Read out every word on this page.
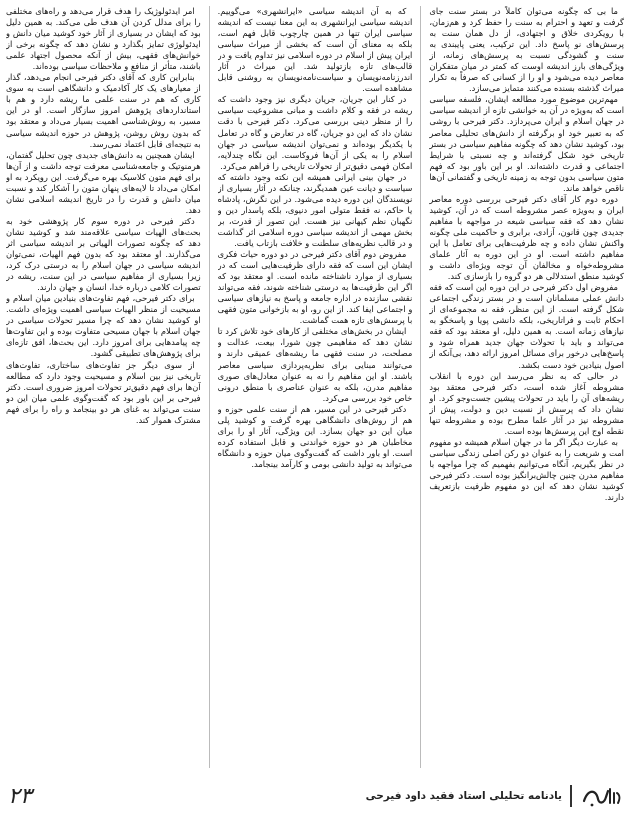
ما بی که چگونه می‌توان کاملاً در بستر سنت جای گرفت و تعهد و احترام به سنت را حفظ کرد و هم‌زمان، با رویکردی خلاق و اجتهادی، از دل همان سنت به پرسش‌های نو پاسخ داد. این ترکیب، یعنی پایبندی به سنت و گشودگی نسبت به پرسش‌های زمانه، از ویژگی‌های بارز اندیشه اوست که کمتر در میان متفکران معاصر دیده می‌شود و او را از کسانی که صرفاً به تکرار میراث گذشته بسنده می‌کنند متمایز می‌سازد.

مهم‌ترین موضوع مورد مطالعه ایشان، فلسفه سیاسی است که به‌ویژه در آن به خوانشی تازه از اندیشه سیاسی در جهان اسلام و ایران می‌پردازد. دکتر فیرحی با روشی که به تعبیر خود او برگرفته از دانش‌های تحلیلی معاصر بود، کوشید نشان دهد که چگونه مفاهیم سیاسی در بستر تاریخی خود شکل گرفته‌اند و چه نسبتی با شرایط اجتماعی و قدرت داشته‌اند. او بر این باور بود که فهم متون سیاسی بدون توجه به زمینه تاریخی و گفتمانی آن‌ها ناقص خواهد ماند.

دوره دوم کار آقای دکتر فیرحی بررسی دوره معاصر ایران و به‌ویژه عصر مشروطه است که در آن، کوشید نشان دهد که فقه سیاسی شیعه در مواجهه با مفاهیم جدیدی چون قانون، آزادی، برابری و حاکمیت ملی چگونه واکنش نشان داده و چه ظرفیت‌هایی برای تعامل با این مفاهیم داشته است. او در این دوره به آثار علمای مشروطه‌خواه و مخالفان آن توجه ویژه‌ای داشت و کوشید منطق استدلالی هر دو گروه را بازسازی کند.

مفروض اول دکتر فیرحی در این دوره این است که فقه دانش عملی مسلمانان است و در بستر زندگی اجتماعی شکل گرفته است. از این منظر، فقه نه مجموعه‌ای از احکام ثابت و فراتاریخی، بلکه دانشی پویا و پاسخگو به نیازهای زمانه است. به همین دلیل، او معتقد بود که فقه می‌تواند و باید با تحولات جهان جدید همراه شود و پاسخ‌هایی درخور برای مسائل امروز ارائه دهد، بی‌آنکه از اصول بنیادین خود دست بکشد.

در حالی که به نظر می‌رسد این دوره با انقلاب مشروطه آغاز شده است، دکتر فیرحی معتقد بود ریشه‌های آن را باید در تحولات پیشین جست‌وجو کرد. او نشان داد که پرسش از نسبت دین و دولت، پیش از مشروطه نیز در آثار علما مطرح بوده و مشروطه تنها نقطه اوج این پرسش‌ها بوده است.

به عبارت دیگر اگر ما در جهان اسلام همیشه دو مفهوم امت و شریعت را به عنوان دو رکن اصلی زندگی سیاسی در نظر بگیریم، آنگاه می‌توانیم بفهمیم که چرا مواجهه با مفاهیم مدرن چنین چالش‌برانگیز بوده است. دکتر فیرحی کوشید نشان دهد که این دو مفهوم ظرفیت بازتعریف دارند.

که به آن اندیشه سیاسی «ایرانشهری» می‌گوییم. اندیشه سیاسی ایرانشهری به این معنا نیست که اندیشه سیاسی ایران تنها در همین چارچوب قابل فهم است، بلکه به معنای آن است که بخشی از میراث سیاسی ایران پیش از اسلام در دوره اسلامی نیز تداوم یافت و در قالب‌های تازه بازتولید شد. این میراث در آثار اندرزنامه‌نویسان و سیاست‌نامه‌نویسان به روشنی قابل مشاهده است.

در کنار این جریان، جریان دیگری نیز وجود داشت که ریشه در فقه و کلام داشت و مبانی مشروعیت سیاسی را از منظر دینی بررسی می‌کرد. دکتر فیرحی با دقت نشان داد که این دو جریان، گاه در تعارض و گاه در تعامل با یکدیگر بوده‌اند و نمی‌توان اندیشه سیاسی در جهان اسلام را به یکی از آن‌ها فروکاست. این نگاه چندلایه، امکان فهمی دقیق‌تر از تحولات تاریخی را فراهم می‌کرد.

در جهان بینی ایرانی همیشه این نکته وجود داشته که سیاست و دیانت عین همدیگرند، چنانکه در آثار بسیاری از نویسندگان این دوره دیده می‌شود. در این نگرش، پادشاه یا حاکم، نه فقط متولی امور دنیوی، بلکه پاسدار دین و نگهبان نظم کیهانی نیز هست. این تصور از قدرت، بر بخش مهمی از اندیشه سیاسی دوره اسلامی اثر گذاشت و در قالب نظریه‌های سلطنت و خلافت بازتاب یافت.

مفروض دوم آقای دکتر فیرحی در دو دوره حیات فکری ایشان این است که فقه دارای ظرفیت‌هایی است که در بسیاری از موارد ناشناخته مانده است. او معتقد بود که اگر این ظرفیت‌ها به درستی شناخته شوند، فقه می‌تواند نقشی سازنده در اداره جامعه و پاسخ به نیازهای سیاسی و اجتماعی ایفا کند. از این رو، او به بازخوانی متون فقهی با پرسش‌های تازه همت گماشت.

ایشان در بخش‌های مختلفی از کارهای خود تلاش کرد تا نشان دهد که مفاهیمی چون شورا، بیعت، عدالت و مصلحت، در سنت فقهی ما ریشه‌های عمیقی دارند و می‌توانند مبنایی برای نظریه‌پردازی سیاسی معاصر باشند. او این مفاهیم را نه به عنوان معادل‌های صوری مفاهیم مدرن، بلکه به عنوان عناصری با منطق درونی خاص خود بررسی می‌کرد.

دکتر فیرحی در این مسیر، هم از سنت علمی حوزه و هم از روش‌های دانشگاهی بهره گرفت و کوشید پلی میان این دو جهان بسازد. این ویژگی، آثار او را برای مخاطبان هر دو حوزه خواندنی و قابل استفاده کرده است. او باور داشت که گفت‌وگوی میان حوزه و دانشگاه می‌تواند به تولید دانشی بومی و کارآمد بینجامد.

امر ایدئولوژیک را هدف قرار می‌دهد و راه‌های مختلفی را برای مدلل کردن آن هدف طی می‌کند. به همین دلیل بود که ایشان در بسیاری از آثار خود کوشید میان دانش و ایدئولوژی تمایز بگذارد و نشان دهد که چگونه برخی از خوانش‌های فقهی، بیش از آنکه محصول اجتهاد علمی باشند، متأثر از منافع و ملاحظات سیاسی بوده‌اند.

بنابراین کاری که آقای دکتر فیرحی انجام می‌دهد، گذار از معیارهای یک کار آکادمیک و دانشگاهی است به سوی کاری که هم در سنت علمی ما ریشه دارد و هم با استانداردهای پژوهش امروز سازگار است. او در این مسیر، به روش‌شناسی اهمیت بسیار می‌داد و معتقد بود که بدون روش روشن، پژوهش در حوزه اندیشه سیاسی به نتیجه‌ای قابل اعتماد نمی‌رسد.

ایشان همچنین به دانش‌های جدیدی چون تحلیل گفتمان، هرمنوتیک و جامعه‌شناسی معرفت توجه داشت و از آن‌ها برای فهم متون کلاسیک بهره می‌گرفت. این رویکرد به او امکان می‌داد تا لایه‌های پنهان متون را آشکار کند و نسبت میان دانش و قدرت را در تاریخ اندیشه اسلامی نشان دهد.

دکتر فیرحی در دوره سوم کار پژوهشی خود به بحث‌های الهیات سیاسی علاقه‌مند شد و کوشید نشان دهد که چگونه تصورات الهیاتی بر اندیشه سیاسی اثر می‌گذارند. او معتقد بود که بدون فهم الهیات، نمی‌توان اندیشه سیاسی در جهان اسلام را به درستی درک کرد، زیرا بسیاری از مفاهیم سیاسی در این سنت، ریشه در تصورات کلامی درباره خدا، انسان و جهان دارند.

برای دکتر فیرحی، فهم تفاوت‌های بنیادین میان اسلام و مسیحیت از منظر الهیات سیاسی اهمیت ویژه‌ای داشت. او کوشید نشان دهد که چرا مسیر تحولات سیاسی در جهان اسلام با جهان مسیحی متفاوت بوده و این تفاوت‌ها چه پیامدهایی برای امروز دارد. این بحث‌ها، افق تازه‌ای برای پژوهش‌های تطبیقی گشود.

از سوی دیگر جز تفاوت‌های ساختاری، تفاوت‌های تاریخی نیز بین اسلام و مسیحیت وجود دارد که مطالعه آن‌ها برای فهم دقیق‌تر تحولات امروز ضروری است. دکتر فیرحی بر این باور بود که گفت‌وگوی علمی میان این دو سنت می‌تواند به غنای هر دو بینجامد و راه را برای فهم مشترک هموار کند.

۲۳	یادنامه تحلیلی استاد فقید داود فیرحی
